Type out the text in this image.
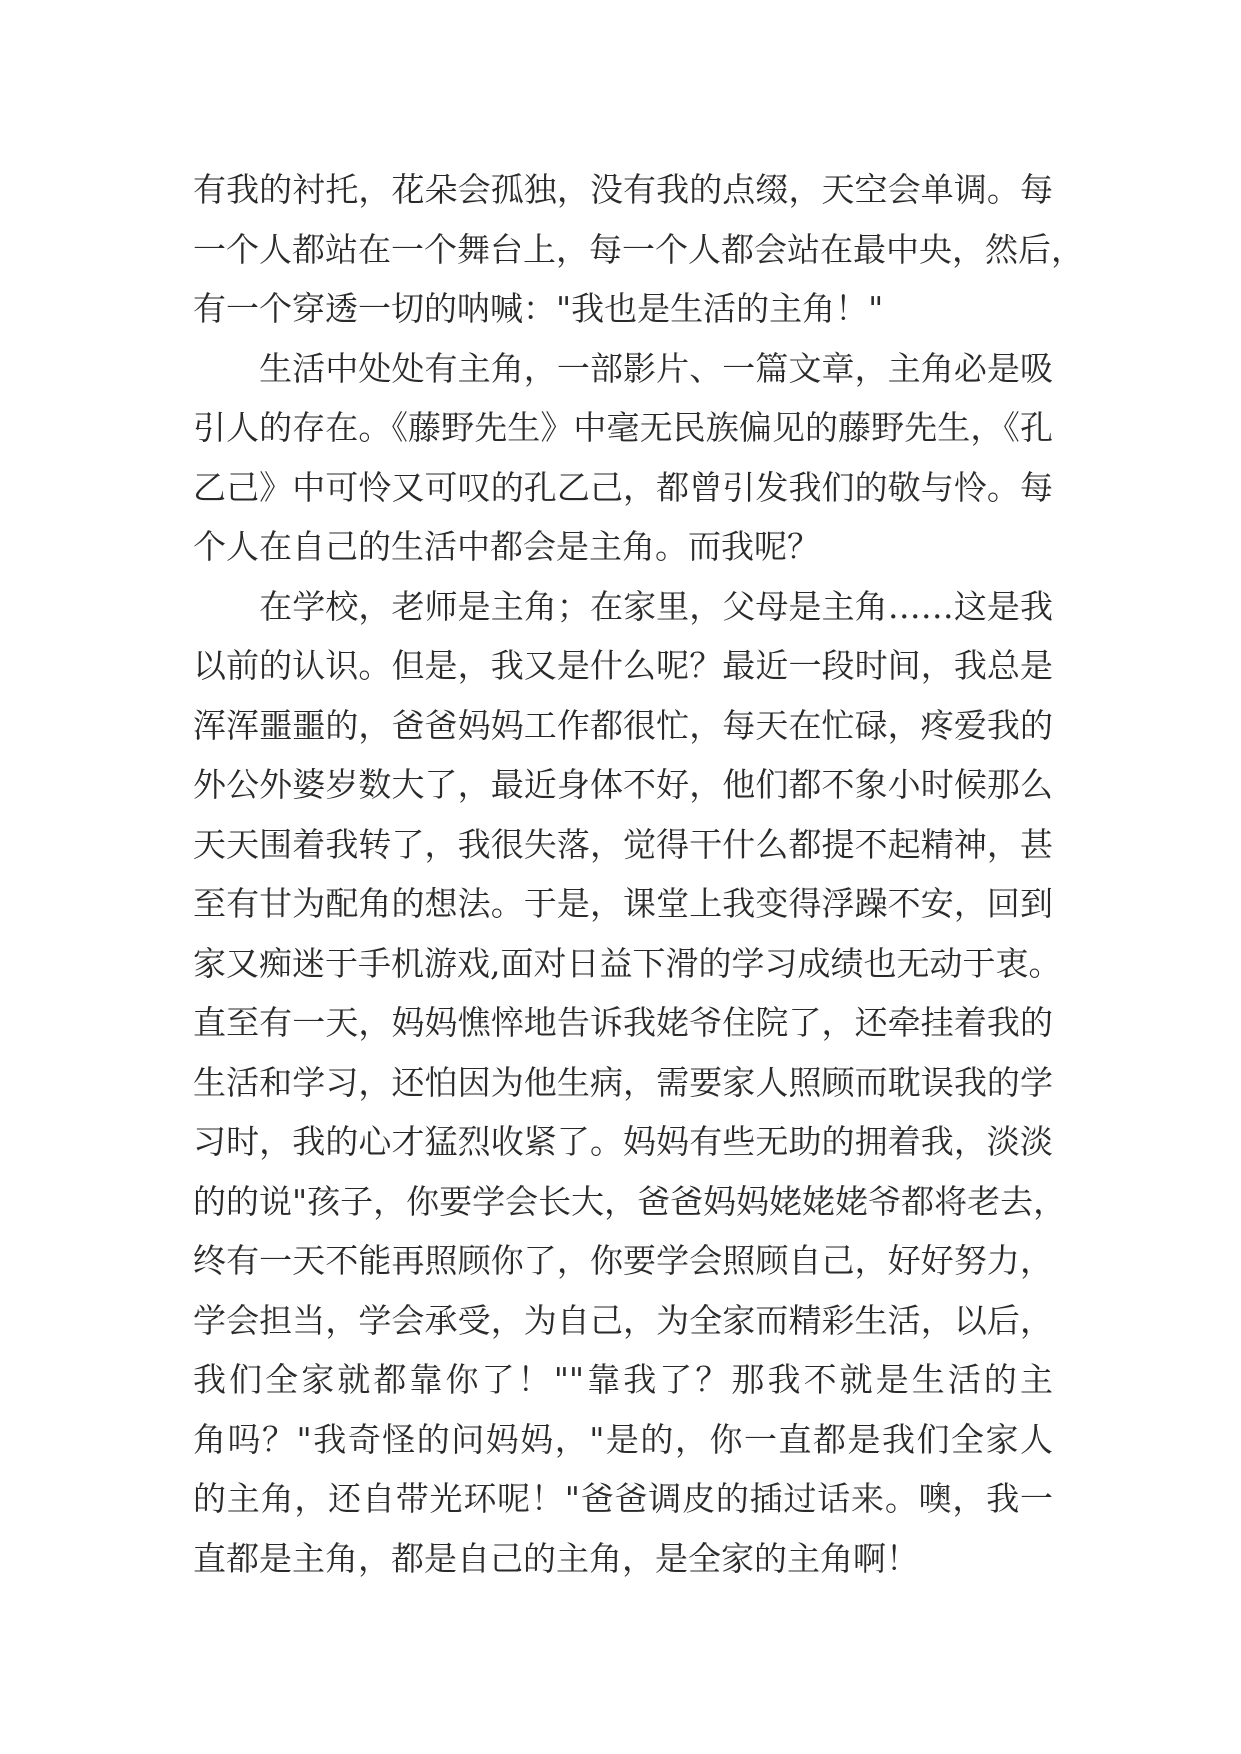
有我的衬托，花朵会孤独，没有我的点缀，天空会单调。每
一个人都站在一个舞台上，每一个人都会站在最中央，然后，
有一个穿透一切的呐喊："我也是生活的主角！"
　　生活中处处有主角，一部影片、一篇文章，主角必是吸
引人的存在。《藤野先生》中毫无民族偏见的藤野先生，《孔
乙己》中可怜又可叹的孔乙己，都曾引发我们的敬与怜。每
个人在自己的生活中都会是主角。而我呢？
　　在学校，老师是主角；在家里，父母是主角……这是我
以前的认识。但是，我又是什么呢？最近一段时间，我总是
浑浑噩噩的，爸爸妈妈工作都很忙，每天在忙碌，疼爱我的
外公外婆岁数大了，最近身体不好，他们都不象小时候那么
天天围着我转了，我很失落，觉得干什么都提不起精神，甚
至有甘为配角的想法。于是，课堂上我变得浮躁不安，回到
家又痴迷于手机游戏,面对日益下滑的学习成绩也无动于衷。
直至有一天，妈妈憔悴地告诉我姥爷住院了，还牵挂着我的
生活和学习，还怕因为他生病，需要家人照顾而耽误我的学
习时，我的心才猛烈收紧了。妈妈有些无助的拥着我，淡淡
的的说"孩子，你要学会长大，爸爸妈妈姥姥姥爷都将老去，
终有一天不能再照顾你了，你要学会照顾自己，好好努力，
学会担当，学会承受，为自己，为全家而精彩生活，以后，
我们全家就都靠你了！""靠我了？那我不就是生活的主
角吗？"我奇怪的问妈妈，"是的，你一直都是我们全家人
的主角，还自带光环呢！"爸爸调皮的插过话来。噢，我一
直都是主角，都是自己的主角，是全家的主角啊！
